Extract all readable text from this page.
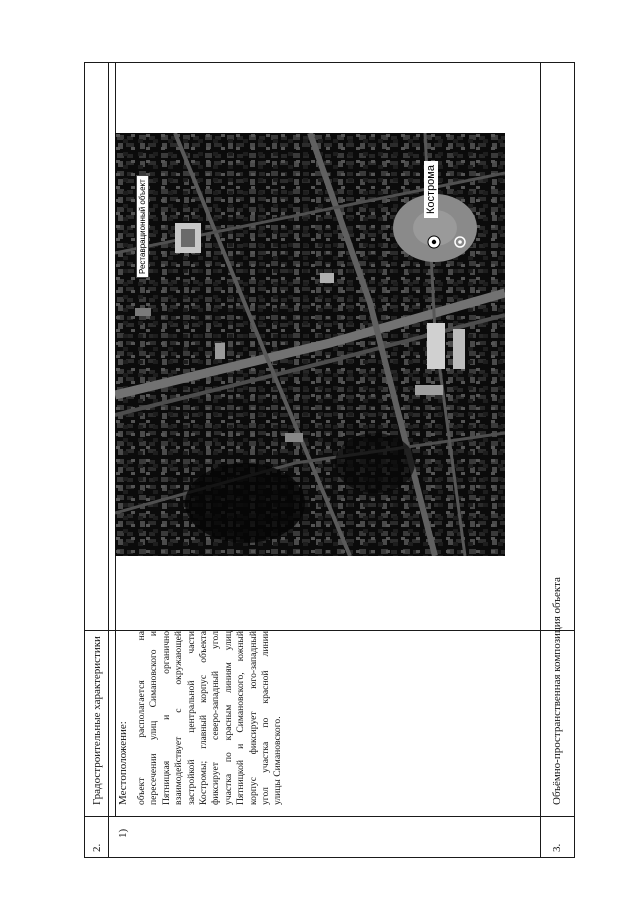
2.
Градостроительные характеристики
1)
Местоположение: объект располагается на пересечении улиц Симановского и Пятницкая и органично взаимодействует с окружающей застройкой центральной части Костромы; главный корпус объекта фиксирует северо-западный угол участка по красным линиям улиц Пятницкой и Симановского, южный корпус фиксирует юго-западный угол участка по красной линии улицы Симановского.
Реставрационный объект	Кострома
3.
Объёмно-пространственная композиция объекта
